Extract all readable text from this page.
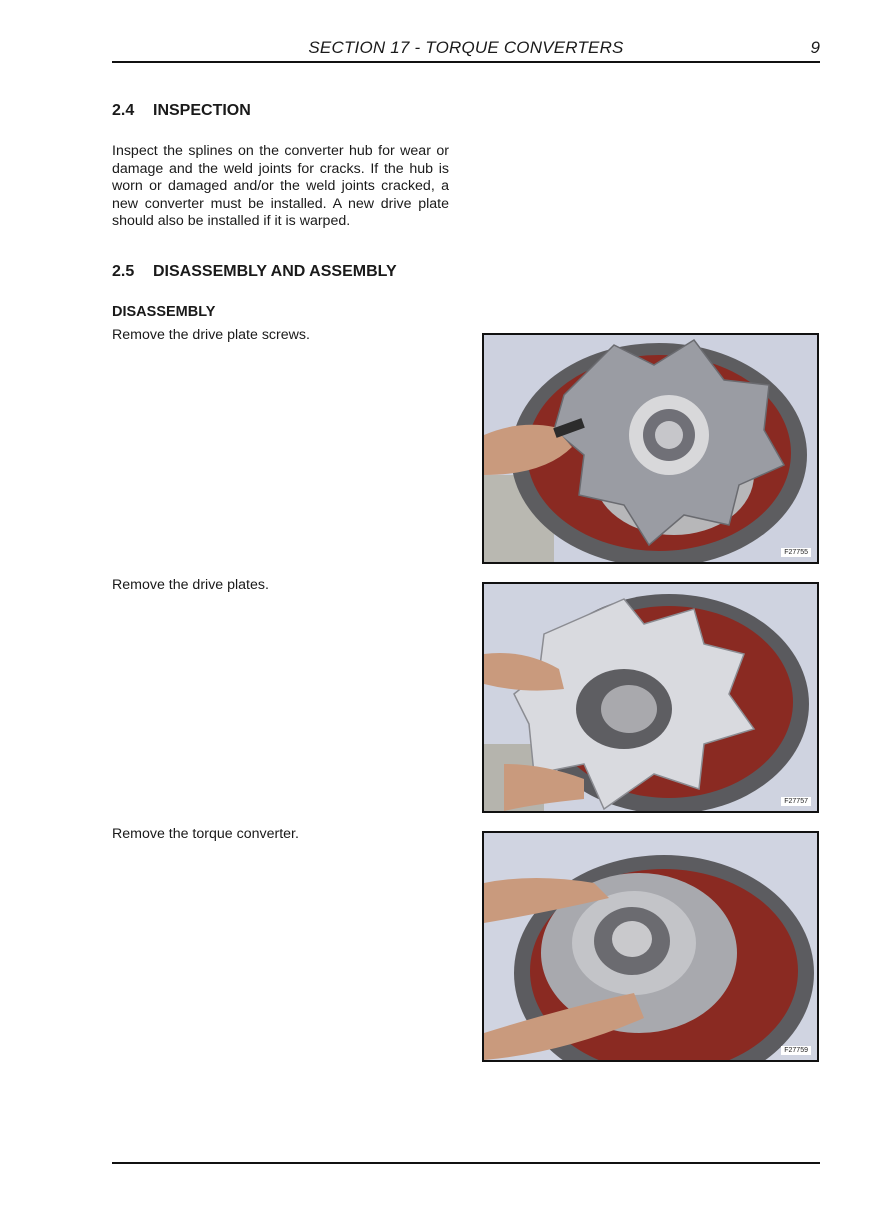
SECTION 17 - TORQUE CONVERTERS	9
2.4 INSPECTION
Inspect the splines on the converter hub for wear or damage and the weld joints for cracks. If the hub is worn or damaged and/or the weld joints cracked, a new converter must be installed. A new drive plate should also be installed if it is warped.
2.5 DISASSEMBLY AND ASSEMBLY
DISASSEMBLY
Remove the drive plate screws.
F27755
Remove the drive plates.
F27757
Remove the torque converter.
F27759
